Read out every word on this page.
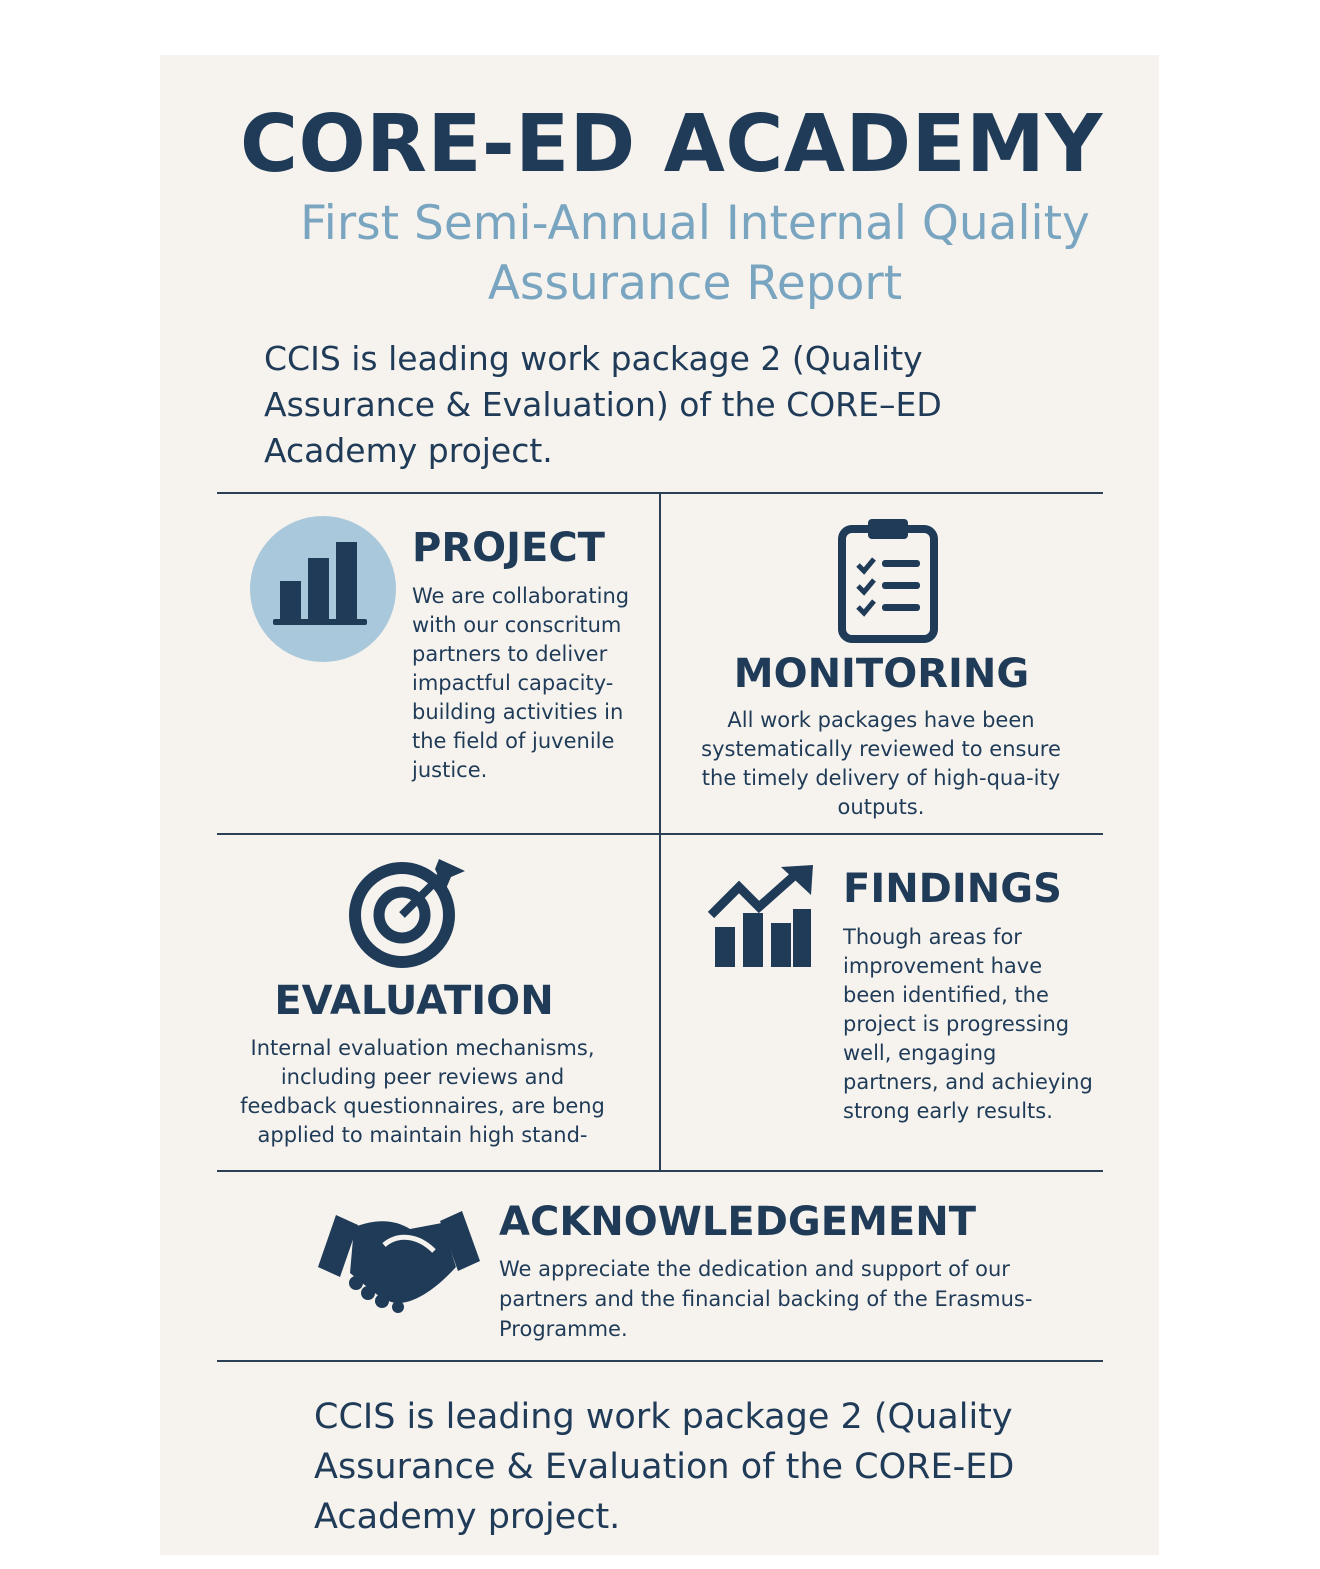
CORE-ED ACADEMY
First Semi-Annual Internal Quality Assurance Report
CCIS is leading work package 2 (Quality Assurance & Evaluation) of the CORE–ED Academy project.
PROJECT
We are collaborating with our conscritum partners to deliver impactful capacity-building activities in the field of juvenile justice.
MONITORING
All work packages have been systematically reviewed to ensure the timely delivery of high-qua-ity outputs.
EVALUATION
Internal evaluation mechanisms, including peer reviews and feedback questionnaires, are beng applied to maintain high stand-
FINDINGS
Though areas for improvement have been identified, the project is progressing well, engaging partners, and achieying strong early results.
ACKNOWLEDGEMENT
We appreciate the dedication and support of our partners and the financial backing of the Erasmus-Programme.
CCIS is leading work package 2 (Quality Assurance & Evaluation of the CORE-ED Academy project.
